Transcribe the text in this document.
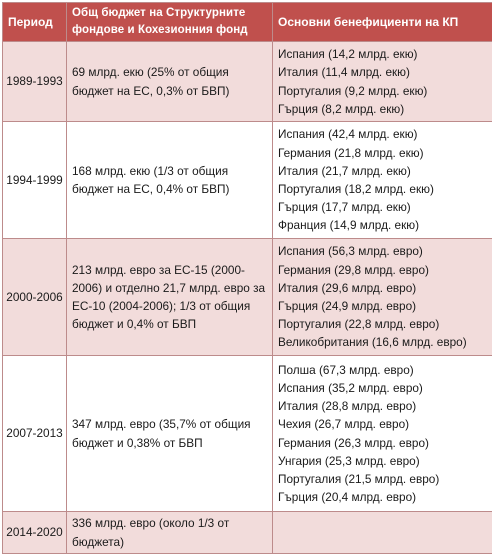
Период
Общ бюджет на Структурните фондове и Кохезионния фонд
Основни бенефициенти на КП
1989-1993
69 млрд. екю (25% от общия бюджет на ЕС, 0,3% от БВП)
Испания (14,2 млрд. екю)
Италия (11,4 млрд. екю)
Португалия (9,2 млрд. екю)
Гърция (8,2 млрд. екю)
1994-1999
168 млрд. екю (1/3 от общия бюджет на ЕС, 0,4% от БВП)
Испания (42,4 млрд. екю)
Германия (21,8 млрд. екю)
Италия (21,7 млрд. екю)
Португалия (18,2 млрд. екю)
Гърция (17,7 млрд. екю)
Франция (14,9 млрд. екю)
2000-2006
213 млрд. евро за ЕС-15 (2000-2006) и отделно 21,7 млрд. евро за ЕС-10 (2004-2006); 1/3 от общия бюджет и 0,4% от БВП
Испания (56,3 млрд. евро)
Германия (29,8 млрд. евро)
Италия (29,6 млрд. евро)
Гърция (24,9 млрд. евро)
Португалия (22,8 млрд. евро)
Великобритания (16,6 млрд. евро)
2007-2013
347 млрд. евро (35,7% от общия бюджет и 0,38% от БВП
Полша (67,3 млрд. евро)
Испания (35,2 млрд. евро)
Италия (28,8 млрд. евро)
Чехия (26,7 млрд. евро)
Германия (26,3 млрд. евро)
Унгария (25,3 млрд. евро)
Португалия (21,5 млрд. евро)
Гърция (20,4 млрд. евро)
2014-2020
336 млрд. евро (около 1/3 от бюджета)
